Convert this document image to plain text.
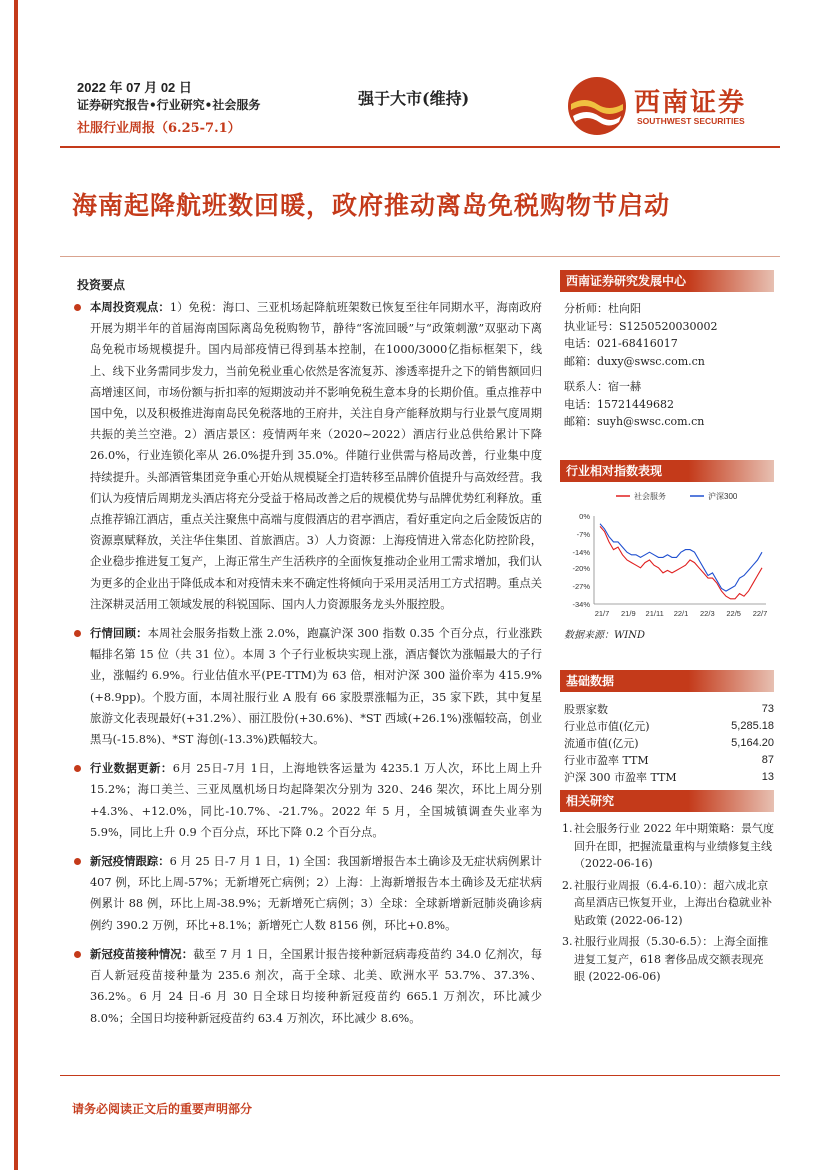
2022 年 07 月 02 日
证券研究报告•行业研究•社会服务
社服行业周报（6.25-7.1）
强于大市(维持)	西南证券
SOUTHWEST SECURITIES
海南起降航班数回暖，政府推动离岛免税购物节启动
投资要点
本周投资观点：1）免税：海口、三亚机场起降航班架数已恢复至往年同期水平，海南政府开展为期半年的首届海南国际离岛免税购物节，静待“客流回暖”与“政策刺激”双驱动下离岛免税市场规模提升。国内局部疫情已得到基本控制，在1000/3000亿指标框架下，线上、线下业务需同步发力，当前免税业重心依然是客流复苏、渗透率提升之下的销售额回归高增速区间，市场份额与折扣率的短期波动并不影响免税生意本身的长期价值。重点推荐中国中免，以及积极推进海南岛民免税落地的王府井，关注自身产能释放期与行业景气度周期共振的美兰空港。2）酒店景区：疫情两年来（2020~2022）酒店行业总供给累计下降 26.0%，行业连锁化率从 26.0%提升到 35.0%。伴随行业供需与格局改善，行业集中度持续提升。头部酒管集团竞争重心开始从规模疑全打造转移至品牌价值提升与高效经营。我们认为疫情后周期龙头酒店将充分受益于格局改善之后的规模优势与品牌优势红利释放。重点推荐锦江酒店，重点关注聚焦中高端与度假酒店的君亭酒店，看好重定向之后金陵饭店的资源禀赋释放，关注华住集团、首旅酒店。3）人力资源：上海疫情进入常态化防控阶段，企业稳步推进复工复产，上海正常生产生活秩序的全面恢复推动企业用工需求增加，我们认为更多的企业出于降低成本和对疫情未来不确定性将倾向于采用灵活用工方式招聘。重点关注深耕灵活用工领域发展的科锐国际、国内人力资源服务龙头外服控股。
行情回顾：本周社会服务指数上涨 2.0%，跑赢沪深 300 指数 0.35 个百分点，行业涨跌幅排名第 15 位（共 31 位）。本周 3 个子行业板块实现上涨，酒店餐饮为涨幅最大的子行业，涨幅约 6.9%。行业估值水平(PE-TTM)为 63 倍，相对沪深 300 溢价率为 415.9%(+8.9pp)。个股方面，本周社服行业 A 股有 66 家股票涨幅为正，35 家下跌，其中复星旅游文化表现最好(+31.2%）、丽江股份(+30.6%)、*ST 西域(+26.1%)涨幅较高，创业黑马(-15.8%)、*ST 海创(-13.3%)跌幅较大。
行业数据更新：6月 25日-7月 1日，上海地铁客运量为 4235.1 万人次，环比上周上升 15.2%；海口美兰、三亚凤凰机场日均起降架次分别为 320、246 架次，环比上周分别+4.3%、+12.0%，同比-10.7%、-21.7%。2022 年 5 月，全国城镇调查失业率为 5.9%，同比上升 0.9 个百分点，环比下降 0.2 个百分点。
新冠疫情跟踪：6 月 25 日-7 月 1 日，1) 全国：我国新增报告本土确诊及无症状病例累计 407 例，环比上周-57%；无新增死亡病例；2）上海：上海新增报告本土确诊及无症状病例累计 88 例，环比上周-38.9%；无新增死亡病例；3）全球：全球新增新冠肺炎确诊病例约 390.2 万例，环比+8.1%；新增死亡人数 8156 例，环比+0.8%。
新冠疫苗接种情况：截至 7 月 1 日，全国累计报告接种新冠病毒疫苗约 34.0 亿剂次，每百人新冠疫苗接种量为 235.6 剂次，高于全球、北美、欧洲水平 53.7%、37.3%、36.2%。6 月 24 日-6 月 30 日全球日均接种新冠疫苗约 665.1 万剂次，环比减少 8.0%；全国日均接种新冠疫苗约 63.4 万剂次，环比减少 8.6%。
西南证券研究发展中心
分析师：杜向阳
执业证号：S1250520030002
电话：021-68416017
邮箱：duxy@swsc.com.cn
联系人：宿一赫
电话：15721449682
邮箱：suyh@swsc.com.cn
行业相对指数表现
0%
-7%
-14%
-20%
-27%
-34%
21/7 21/9 21/11 22/1 22/3 22/5 22/7
社会服务	沪深300
数据来源：WIND
基础数据
股票家数	73
行业总市值(亿元)	5,285.18
流通市值(亿元)	5,164.20
行业市盈率 TTM	87
沪深 300 市盈率 TTM	13
相关研究
1. 社会服务行业 2022 年中期策略：景气度回升在即，把握流量重构与业绩修复主线 （2022-06-16)
2. 社服行业周报（6.4-6.10）：超六成北京高星酒店已恢复开业，上海出台稳就业补贴政策 (2022-06-12)
3. 社服行业周报（5.30-6.5）：上海全面推进复工复产，618 奢侈品成交额表现亮眼 (2022-06-06)
请务必阅读正文后的重要声明部分
